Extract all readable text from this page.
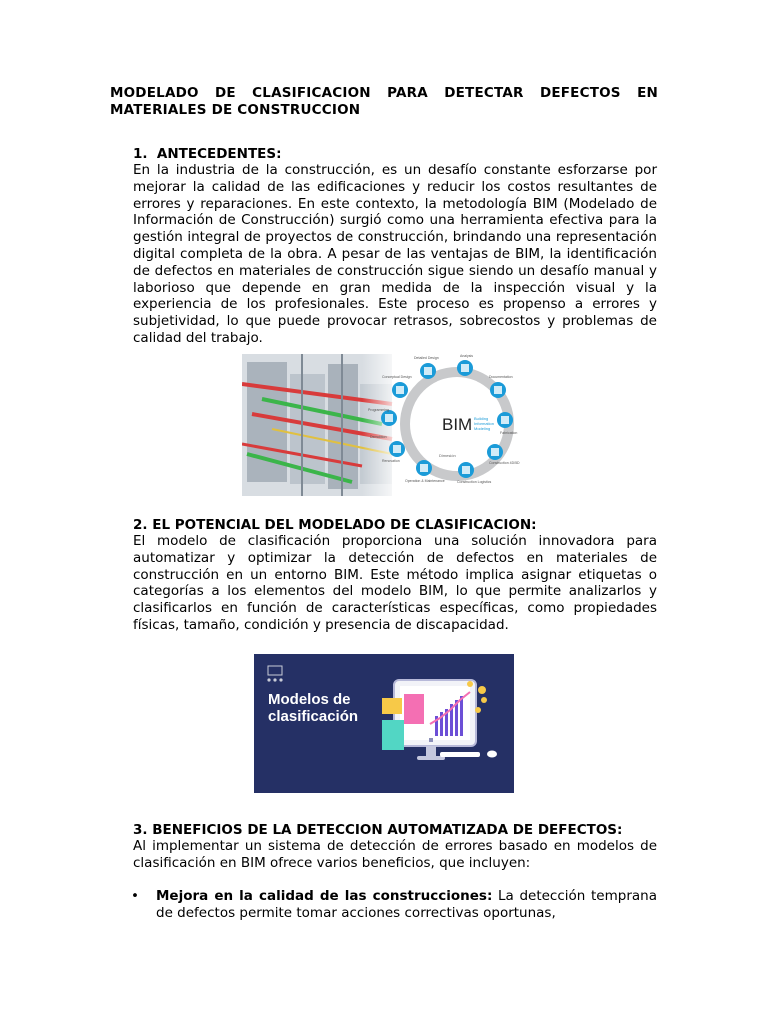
MODELADO DE CLASIFICACION PARA DETECTAR DEFECTOS EN
MATERIALES DE CONSTRUCCION
1.  ANTECEDENTES:
En la industria de la construcción, es un desafío constante esforzarse por mejorar la calidad de las edificaciones y reducir los costos resultantes de errores y reparaciones. En este contexto, la metodología BIM (Modelado de Información de Construcción) surgió como una herramienta efectiva para la gestión integral de proyectos de construcción, brindando una representación digital completa de la obra. A pesar de las ventajas de BIM, la identificación de defectos en materiales de construcción sigue siendo un desafío manual y laborioso que depende en gran medida de la inspección visual y la experiencia de los profesionales. Este proceso es propenso a errores y subjetividad, lo que puede provocar retrasos, sobrecostos y problemas de calidad del trabajo.
BIM Building
Information
Modeling
Dimesión
Detailed Design	Analysis
Documentation
Fabrication
Construction 4D/5D
Construction Logistics
Operation & Maintenance
Renovation
Programming
Conceptual Design
Demolition
2. EL POTENCIAL DEL MODELADO DE CLASIFICACION:
El modelo de clasificación proporciona una solución innovadora para automatizar y optimizar la detección de defectos en materiales de construcción en un entorno BIM. Este método implica asignar etiquetas o categorías a los elementos del modelo BIM, lo que permite analizarlos y clasificarlos en función de características específicas, como propiedades físicas, tamaño, condición y presencia de discapacidad.
Modelos de
clasificación
3. BENEFICIOS DE LA DETECCION AUTOMATIZADA DE DEFECTOS:
Al implementar un sistema de detección de errores basado en modelos de clasificación en BIM ofrece varios beneficios, que incluyen:
• Mejora en la calidad de las construcciones: La detección temprana de defectos permite tomar acciones correctivas oportunas,
